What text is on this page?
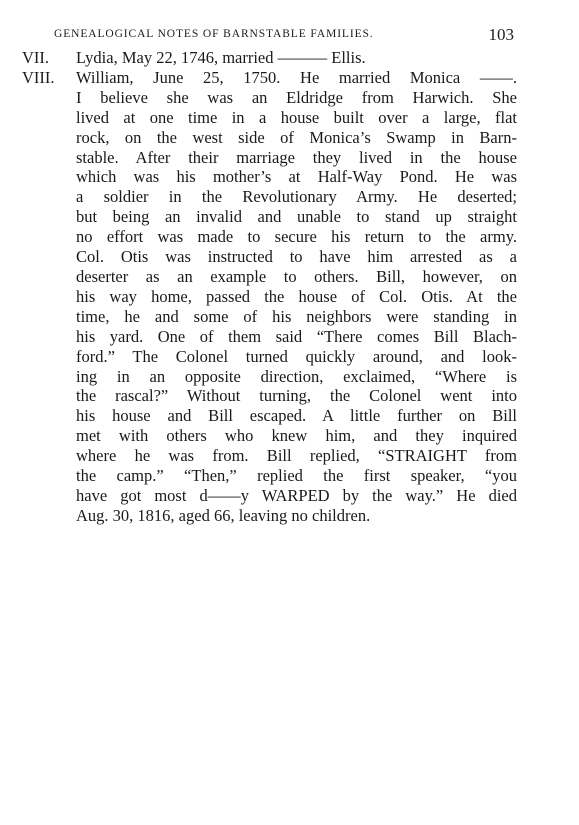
GENEALOGICAL NOTES OF BARNSTABLE FAMILIES.	103
VII. Lydia, May 22, 1746, married ——— Ellis.
VIII. William, June 25, 1750. He married Monica ——.
I believe she was an Eldridge from Harwich. She
lived at one time in a house built over a large, flat
rock, on the west side of Monica’s Swamp in Barn-
stable. After their marriage they lived in the house
which was his mother’s at Half-Way Pond. He was
a soldier in the Revolutionary Army. He deserted;
but being an invalid and unable to stand up straight
no effort was made to secure his return to the army.
Col. Otis was instructed to have him arrested as a
deserter as an example to others. Bill, however, on
his way home, passed the house of Col. Otis. At the
time, he and some of his neighbors were standing in
his yard. One of them said “There comes Bill Blach-
ford.” The Colonel turned quickly around, and look-
ing in an opposite direction, exclaimed, “Where is
the rascal?” Without turning, the Colonel went into
his house and Bill escaped. A little further on Bill
met with others who knew him, and they inquired
where he was from. Bill replied, “STRAIGHT from
the camp.” “Then,” replied the first speaker, “you
have got most d——y WARPED by the way.” He died
Aug. 30, 1816, aged 66, leaving no children.
